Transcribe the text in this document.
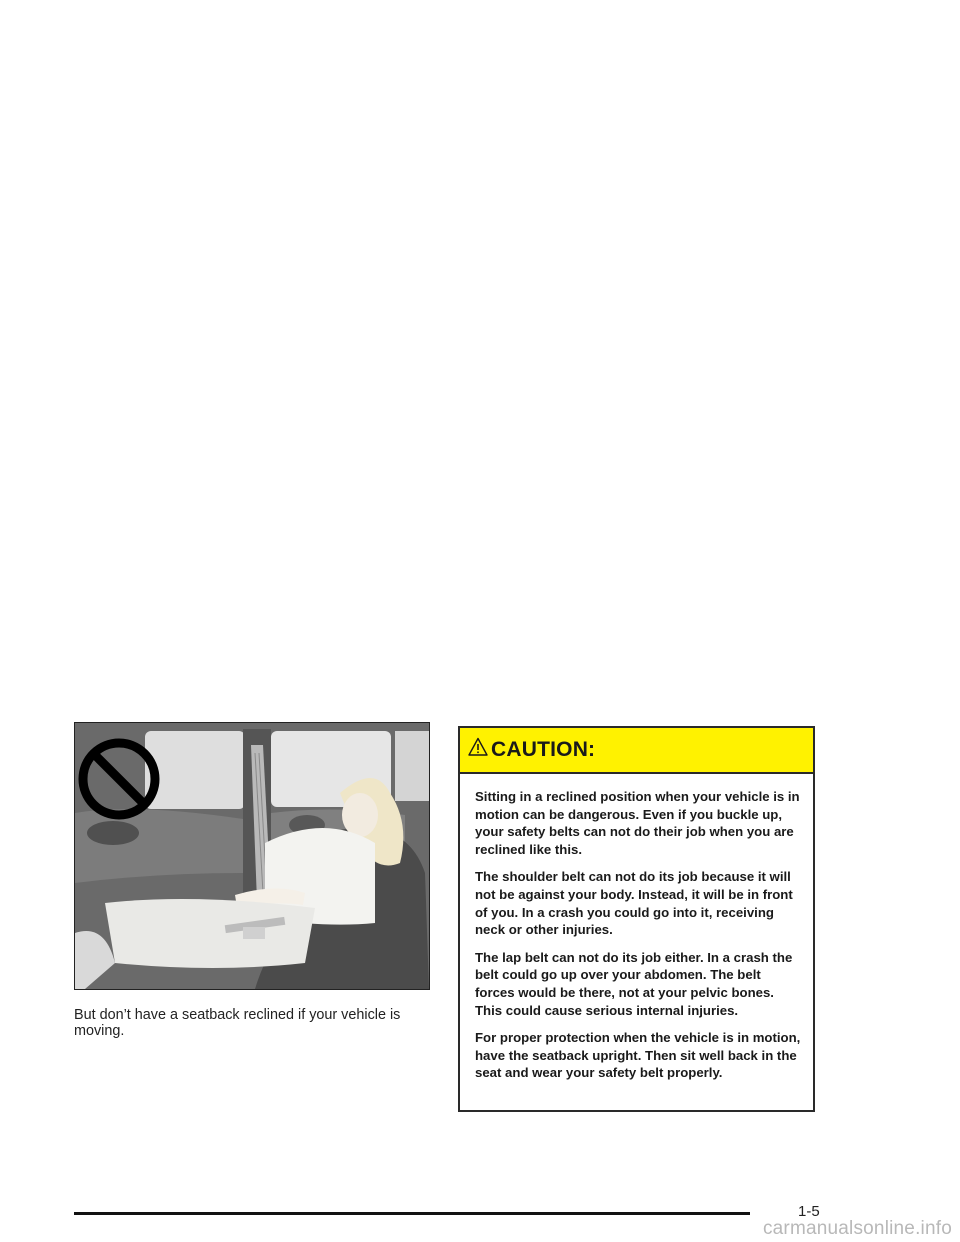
But don’t have a seatback reclined if your vehicle is moving.
CAUTION:

Sitting in a reclined position when your vehicle is in motion can be dangerous. Even if you buckle up, your safety belts can not do their job when you are reclined like this.

The shoulder belt can not do its job because it will not be against your body. Instead, it will be in front of you. In a crash you could go into it, receiving neck or other injuries.

The lap belt can not do its job either. In a crash the belt could go up over your abdomen. The belt forces would be there, not at your pelvic bones. This could cause serious internal injuries.

For proper protection when the vehicle is in motion, have the seatback upright. Then sit well back in the seat and wear your safety belt properly.

1-5
carmanualsonline.info
